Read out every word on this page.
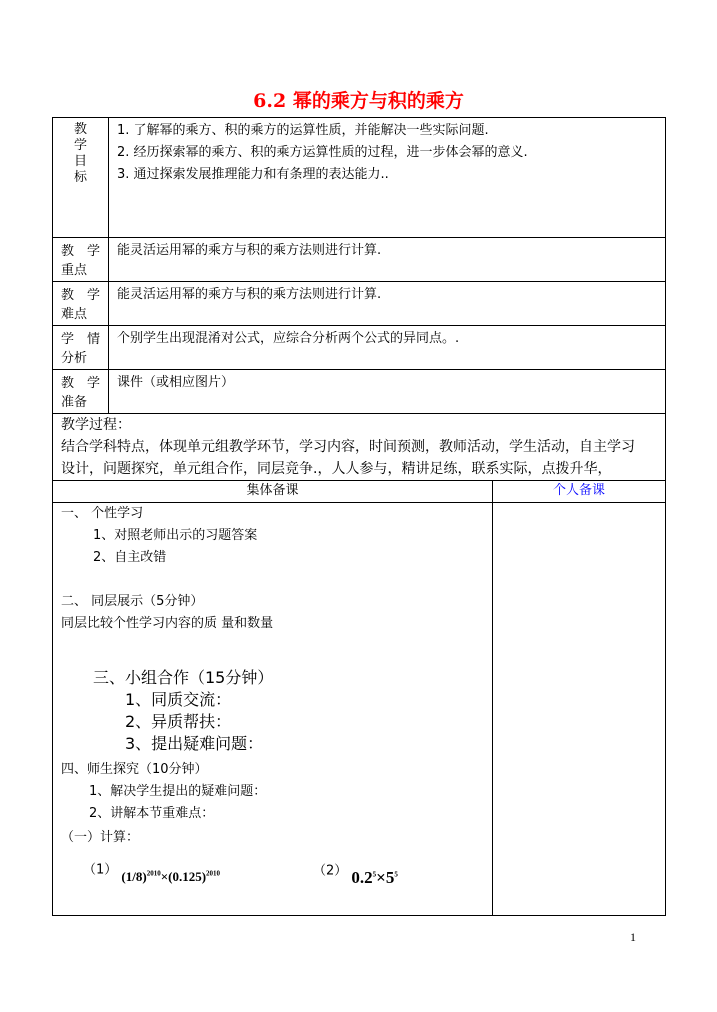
6.2 幂的乘方与积的乘方
教学目标
1. 了解幂的乘方、积的乘方的运算性质，并能解决一些实际问题.
2. 经历探索幂的乘方、积的乘方运算性质的过程，进一步体会幂的意义.
3. 通过探索发展推理能力和有条理的表达能力..
教　学
重点
能灵活运用幂的乘方与积的乘方法则进行计算.
教　学
难点
能灵活运用幂的乘方与积的乘方法则进行计算.
学　情
分析
个别学生出现混淆对公式，应综合分析两个公式的异同点。.
教　学
准备
课件（或相应图片）
教学过程：
结合学科特点，体现单元组教学环节，学习内容，时间预测，教师活动，学生活动，自主学习
设计，问题探究，单元组合作，同层竞争.，人人参与，精讲足练，联系实际，点拨升华，
集体备课	个人备课
一、 个性学习
1、对照老师出示的习题答案
2、自主改错
二、 同层展示（5分钟）
同层比较个性学习内容的质 量和数量
三、小组合作（15分钟）
1、同质交流：
2、异质帮扶：
3、提出疑难问题：
四、师生探究（10分钟）
1、解决学生提出的疑难问题：
2、讲解本节重难点：
（一）计算：
（1） $(1/8)^{2010}\times(0.125)^{2010}$	（2） $0.2^5\times 5^5$
1
